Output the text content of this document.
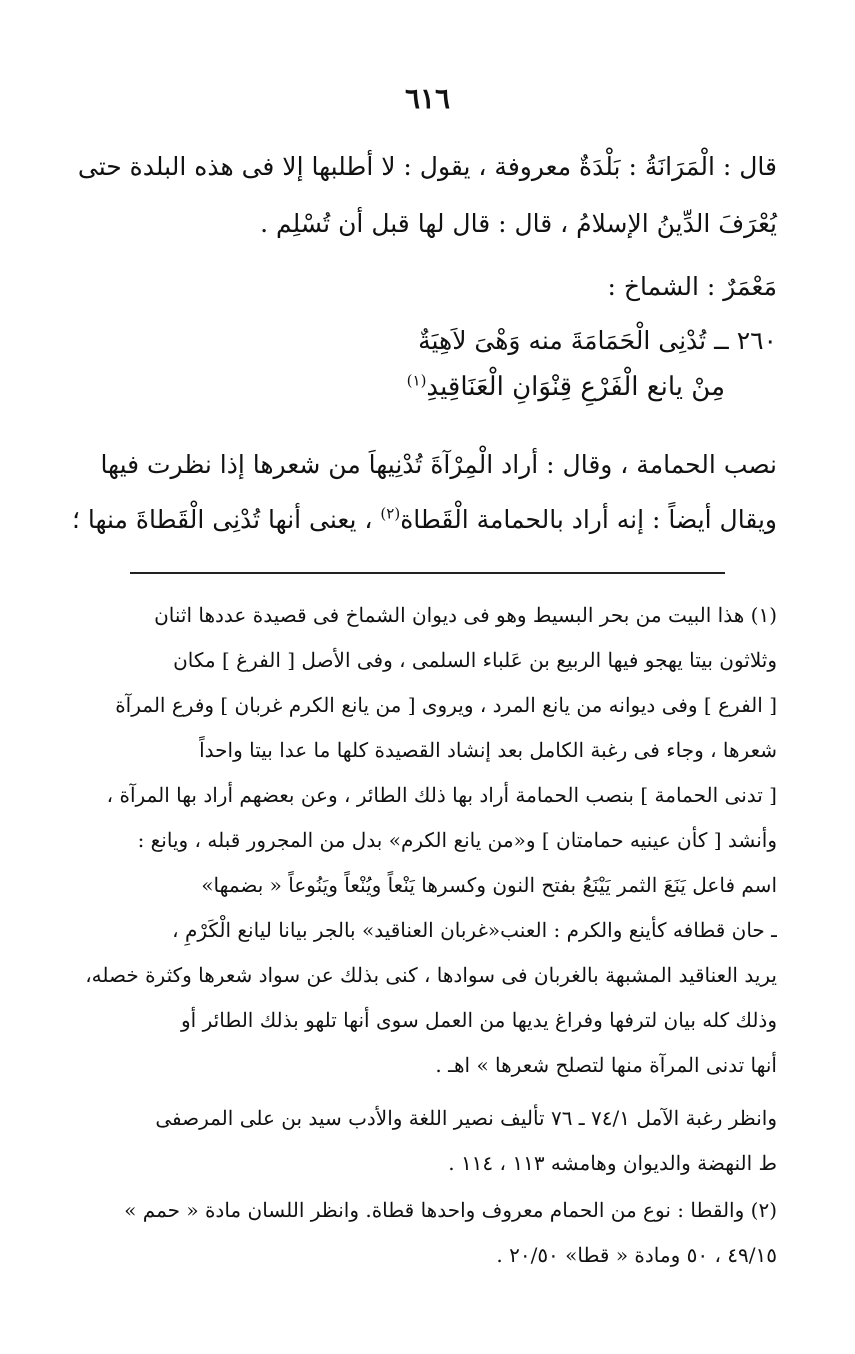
٦١٦
قال : الْمَرَانَةُ : بَلْدَةٌ معروفة ، يقول : لا أطلبها إلا فى هذه البلدة حتى
يُعْرَفَ الدِّينُ الإسلامُ ، قال : قال لها قبل أن تُسْلِم .
مَعْمَرٌ : الشماخ :
٢٦٠ ــ تُدْنِى الْحَمَامَةَ منه وَهْىَ لاَهِيَةٌ
مِنْ يانع الْفَرْعِ قِنْوَانِ الْعَنَاقِيدِ$^{(١)}$
نصب الحمامة ، وقال : أراد الْمِرْآةَ تُدْنِيهاَ من شعرها إذا نظرت فيها
ويقال أيضاً : إنه أراد بالحمامة الْقَطاة$^{(٢)}$ ، يعنى أنها تُدْنِى الْقَطاةَ منها ؛
(١) هذا البيت من بحر البسيط وهو فى ديوان الشماخ فى قصيدة عددها اثنان
وثلاثون بيتا يهجو فيها الربيع بن عَلباء السلمى ، وفى الأصل [ الفرغ ] مكان
[ الفرع ] وفى ديوانه من يانع المرد ، ويروى [ من يانع الكرم غربان ] وفرع المرآة
شعرها ، وجاء فى رغبة الكامل بعد إنشاد القصيدة كلها ما عدا بيتا واحداً
[ تدنى الحمامة ] بنصب الحمامة أراد بها ذلك الطائر ، وعن بعضهم أراد بها المرآة ،
وأنشد [ كأن عينيه حمامتان ] و«من يانع الكرم» بدل من المجرور قبله ، ويانع :
اسم فاعل يَنَعَ الثمر يَيْنَعُ بفتح النون وكسرها يَنْعاً ويُنْعاً ويَنُوعاً « بضمها»
ـ حان قطافه كأينع والكرم : العنب«غربان العناقيد» بالجر بيانا ليانع الْكَرْمِ ،
يريد العناقيد المشبهة بالغربان فى سوادها ، كنى بذلك عن سواد شعرها وكثرة خصله،
وذلك كله بيان لترفها وفراغ يديها من العمل سوى أنها تلهو بذلك الطائر أو
أنها تدنى المرآة منها لتصلح شعرها » اهـ .
وانظر رغبة الآمل ٧٤/١ ـ ٧٦ تأليف نصير اللغة والأدب سيد بن على المرصفى
ط النهضة والديوان وهامشه ١١٣ ، ١١٤ .
(٢) والقطا : نوع من الحمام معروف واحدها قطاة. وانظر اللسان مادة « حمم »
٤٩/١٥ ، ٥٠ ومادة « قطا» ٢٠/٥٠ .
